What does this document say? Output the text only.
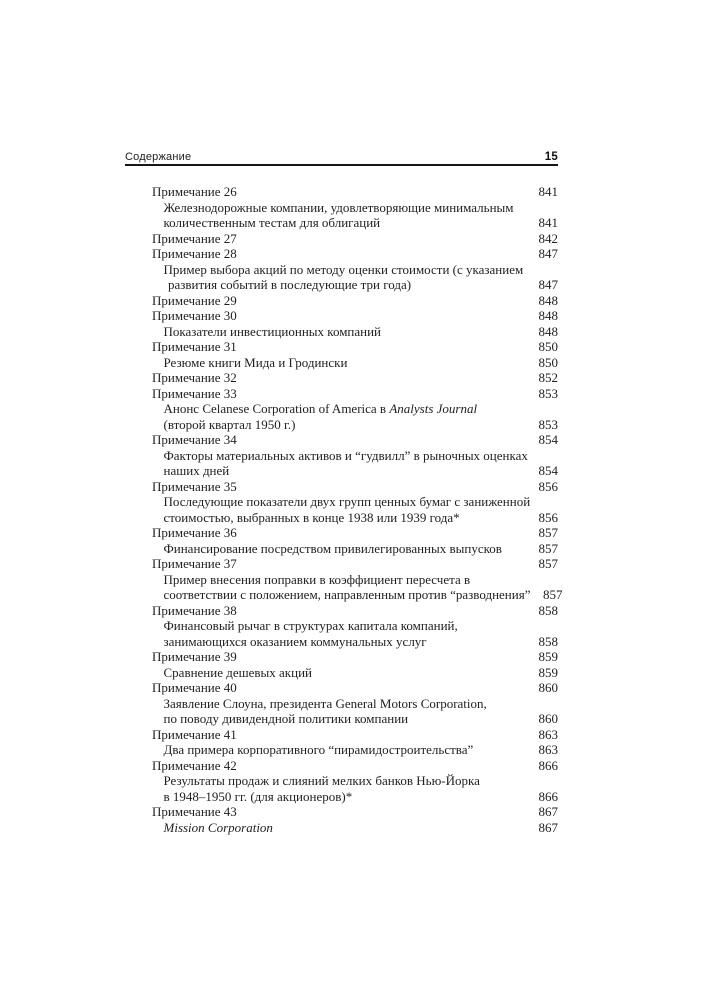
Содержание	15
Примечание 26	841
Железнодорожные компании, удовлетворяющие минимальным
количественным тестам для облигаций	841
Примечание 27	842
Примечание 28	847
Пример выбора акций по методу оценки стоимости (с указанием
развития событий в последующие три года)	847
Примечание 29	848
Примечание 30	848
Показатели инвестиционных компаний	848
Примечание 31	850
Резюме книги Мида и Гродински	850
Примечание 32	852
Примечание 33	853
Анонс Celanese Corporation of America в Analysts Journal
(второй квартал 1950 г.)	853
Примечание 34	854
Факторы материальных активов и “гудвилл” в рыночных оценках
наших дней	854
Примечание 35	856
Последующие показатели двух групп ценных бумаг с заниженной
стоимостью, выбранных в конце 1938 или 1939 года*	856
Примечание 36	857
Финансирование посредством привилегированных выпусков	857
Примечание 37	857
Пример внесения поправки в коэффициент пересчета в
соответствии с положением, направленным против “разводнения” 857
Примечание 38	858
Финансовый рычаг в структурах капитала компаний,
занимающихся оказанием коммунальных услуг	858
Примечание 39	859
Сравнение дешевых акций	859
Примечание 40	860
Заявление Слоуна, президента General Motors Corporation,
по поводу дивидендной политики компании	860
Примечание 41	863
Два примера корпоративного “пирамидостроительства”	863
Примечание 42	866
Результаты продаж и слияний мелких банков Нью-Йорка
в 1948–1950 гг. (для акционеров)*	866
Примечание 43	867
Mission Corporation	867
